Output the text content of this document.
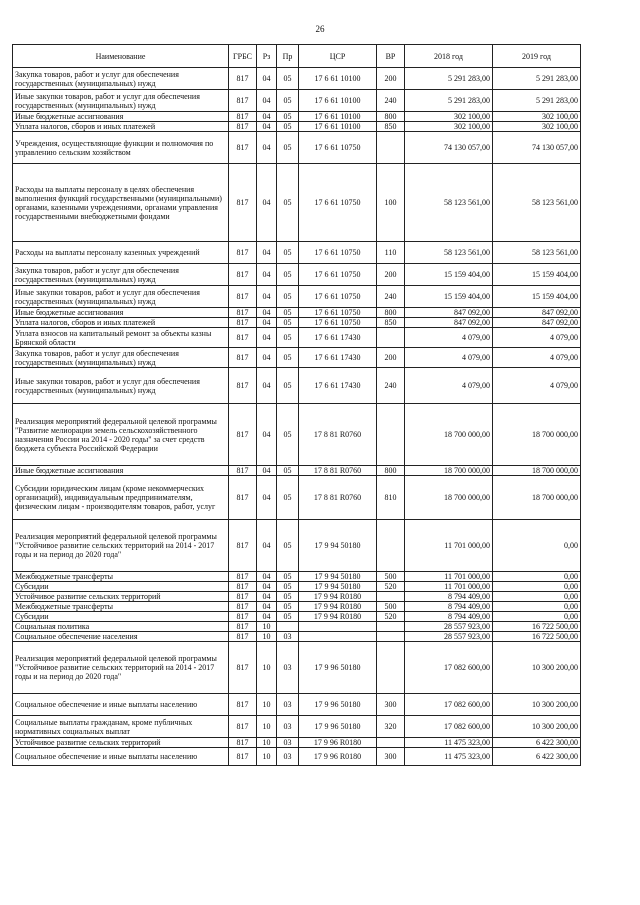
26
Наименование	ГРБС	Рз	Пр	ЦСР	ВР	2018 год	2019 год
Закупка товаров, работ и услуг для обеспечения государственных (муниципальных) нужд	817	04	05	17 6 61 10100	200	5 291 283,00	5 291 283,00
Иные закупки товаров, работ и услуг для обеспечения государственных (муниципальных) нужд	817	04	05	17 6 61 10100	240	5 291 283,00	5 291 283,00
Иные бюджетные ассигнования	817	04	05	17 6 61 10100	800	302 100,00	302 100,00
Уплата налогов, сборов и иных платежей	817	04	05	17 6 61 10100	850	302 100,00	302 100,00
Учреждения, осуществляющие функции и полномочия по управлению сельским хозяйством	817	04	05	17 6 61 10750		74 130 057,00	74 130 057,00
Расходы на выплаты персоналу в целях обеспечения выполнения функций государственными (муниципальными) органами, казенными учреждениями, органами управления государственными внебюджетными фондами	817	04	05	17 6 61 10750	100	58 123 561,00	58 123 561,00
Расходы на выплаты персоналу казенных учреждений	817	04	05	17 6 61 10750	110	58 123 561,00	58 123 561,00
Закупка товаров, работ и услуг для обеспечения государственных (муниципальных) нужд	817	04	05	17 6 61 10750	200	15 159 404,00	15 159 404,00
Иные закупки товаров, работ и услуг для обеспечения государственных (муниципальных) нужд	817	04	05	17 6 61 10750	240	15 159 404,00	15 159 404,00
Иные бюджетные ассигнования	817	04	05	17 6 61 10750	800	847 092,00	847 092,00
Уплата налогов, сборов и иных платежей	817	04	05	17 6 61 10750	850	847 092,00	847 092,00
Уплата взносов на капитальный ремонт за объекты казны Брянской области	817	04	05	17 6 61 17430		4 079,00	4 079,00
Закупка товаров, работ и услуг для обеспечения государственных (муниципальных) нужд	817	04	05	17 6 61 17430	200	4 079,00	4 079,00
Иные закупки товаров, работ и услуг для обеспечения государственных (муниципальных) нужд	817	04	05	17 6 61 17430	240	4 079,00	4 079,00
Реализация мероприятий федеральной целевой программы "Развитие мелиорации земель сельскохозяйственного назначения России на 2014 - 2020 годы" за счет средств бюджета субъекта Российской Федерации	817	04	05	17 8 81 R0760		18 700 000,00	18 700 000,00
Иные бюджетные ассигнования	817	04	05	17 8 81 R0760	800	18 700 000,00	18 700 000,00
Субсидии юридическим лицам (кроме некоммерческих организаций), индивидуальным предпринимателям, физическим лицам - производителям товаров, работ, услуг	817	04	05	17 8 81 R0760	810	18 700 000,00	18 700 000,00
Реализация мероприятий федеральной целевой программы "Устойчивое развитие сельских территорий на 2014 - 2017 годы и на период до 2020 года"	817	04	05	17 9 94 50180		11 701 000,00	0,00
Межбюджетные трансферты	817	04	05	17 9 94 50180	500	11 701 000,00	0,00
Субсидии	817	04	05	17 9 94 50180	520	11 701 000,00	0,00
Устойчивое развитие сельских территорий	817	04	05	17 9 94 R0180		8 794 409,00	0,00
Межбюджетные трансферты	817	04	05	17 9 94 R0180	500	8 794 409,00	0,00
Субсидии	817	04	05	17 9 94 R0180	520	8 794 409,00	0,00
Социальная политика	817	10				28 557 923,00	16 722 500,00
Социальное обеспечение населения	817	10	03			28 557 923,00	16 722 500,00
Реализация мероприятий федеральной целевой программы "Устойчивое развитие сельских территорий на 2014 - 2017 годы и на период до 2020 года"	817	10	03	17 9 96 50180		17 082 600,00	10 300 200,00
Социальное обеспечение и иные выплаты населению	817	10	03	17 9 96 50180	300	17 082 600,00	10 300 200,00
Социальные выплаты гражданам, кроме публичных нормативных социальных выплат	817	10	03	17 9 96 50180	320	17 082 600,00	10 300 200,00
Устойчивое развитие сельских территорий	817	10	03	17 9 96 R0180		11 475 323,00	6 422 300,00
Социальное обеспечение и иные выплаты населению	817	10	03	17 9 96 R0180	300	11 475 323,00	6 422 300,00
